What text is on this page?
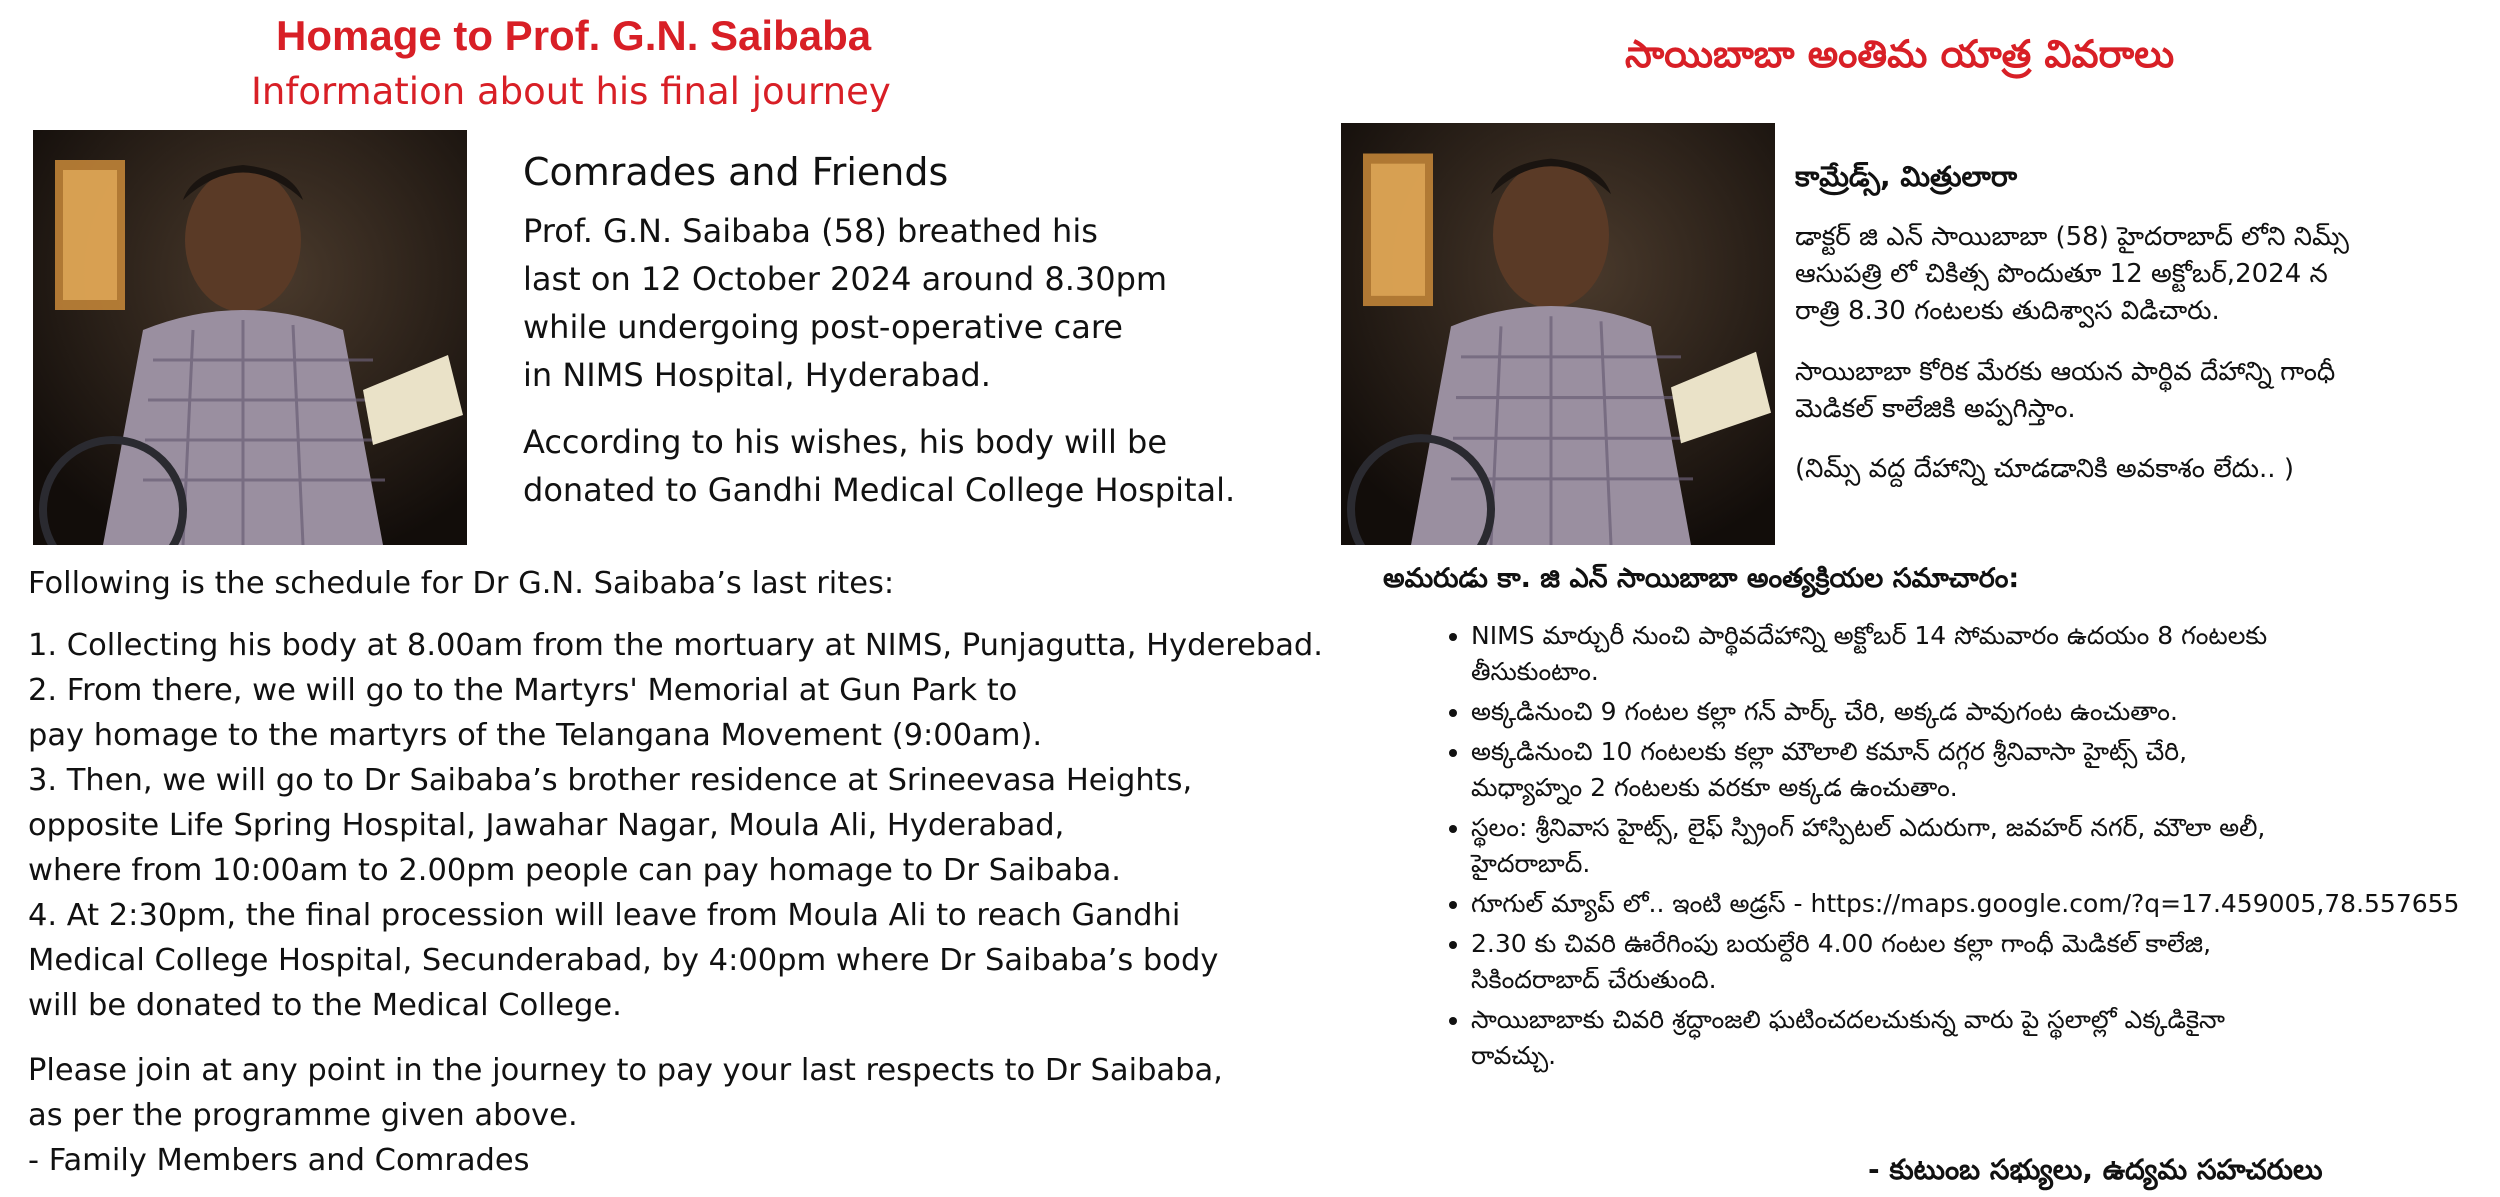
Homage to Prof. G.N. Saibaba
Information about his final journey
Comrades and Friends
Prof. G.N. Saibaba (58) breathed his
last on 12 October 2024 around 8.30pm
while undergoing post-operative care
in NIMS Hospital, Hyderabad.
According to his wishes, his body will be
donated to Gandhi Medical College Hospital.
Following is the schedule for Dr G.N. Saibaba’s last rites:
1. Collecting his body at 8.00am from the mortuary at NIMS, Punjagutta, Hyderebad.
2. From there, we will go to the Martyrs' Memorial at Gun Park to
pay homage to the martyrs of the Telangana Movement (9:00am).
3. Then, we will go to Dr Saibaba’s brother residence at Srineevasa Heights,
opposite Life Spring Hospital, Jawahar Nagar, Moula Ali, Hyderabad,
where from 10:00am to 2.00pm people can pay homage to Dr Saibaba.
4. At 2:30pm, the final procession will leave from Moula Ali to reach Gandhi
Medical College Hospital, Secunderabad, by 4:00pm where Dr Saibaba’s body
will be donated to the Medical College.
Please join at any point in the journey to pay your last respects to Dr Saibaba,
as per the programme given above.
- Family Members and Comrades
సాయిబాబా అంతిమ యాత్ర వివరాలు
కామ్రేడ్స్, మిత్రులారా
డాక్టర్ జి ఎన్ సాయిబాబా (58) హైదరాబాద్ లోని నిమ్స్
ఆసుపత్రి లో చికిత్స పొందుతూ 12 అక్టోబర్,2024 న
రాత్రి 8.30 గంటలకు తుదిశ్వాస విడిచారు.
సాయిబాబా కోరిక మేరకు ఆయన పార్థివ దేహాన్ని గాంధీ
మెడికల్ కాలేజికి అప్పగిస్తాం.
(నిమ్స్ వద్ద దేహాన్ని చూడడానికి అవకాశం లేదు.. )
అమరుడు కా. జి ఎన్ సాయిబాబా అంత్యక్రియల సమాచారం:
• NIMS మార్చురీ నుంచి పార్థివదేహాన్ని అక్టోబర్ 14 సోమవారం ఉదయం 8 గంటలకు
తీసుకుంటాం.
• అక్కడినుంచి 9 గంటల కల్లా గన్ పార్క్ చేరి, అక్కడ పావుగంట ఉంచుతాం.
• అక్కడినుంచి 10 గంటలకు కల్లా మౌలాలి కమాన్ దగ్గర శ్రీనివాసా హైట్స్ చేరి,
మధ్యాహ్నం 2 గంటలకు వరకూ అక్కడ ఉంచుతాం.
• స్థలం: శ్రీనివాస హైట్స్, లైఫ్ స్ప్రింగ్ హాస్పిటల్ ఎదురుగా, జవహర్ నగర్, మౌలా అలీ,
హైదరాబాద్.
• గూగుల్ మ్యాప్ లో.. ఇంటి అడ్రస్ - https://maps.google.com/?q=17.459005,78.557655
• 2.30 కు చివరి ఊరేగింపు బయల్దేరి 4.00 గంటల కల్లా గాంధీ మెడికల్ కాలేజి,
సికిందరాబాద్ చేరుతుంది.
• సాయిబాబాకు చివరి శ్రద్ధాంజలి ఘటించదలచుకున్న వారు పై స్థలాల్లో ఎక్కడికైనా
రావచ్చు.
- కుటుంబ సభ్యులు, ఉద్యమ సహచరులు
